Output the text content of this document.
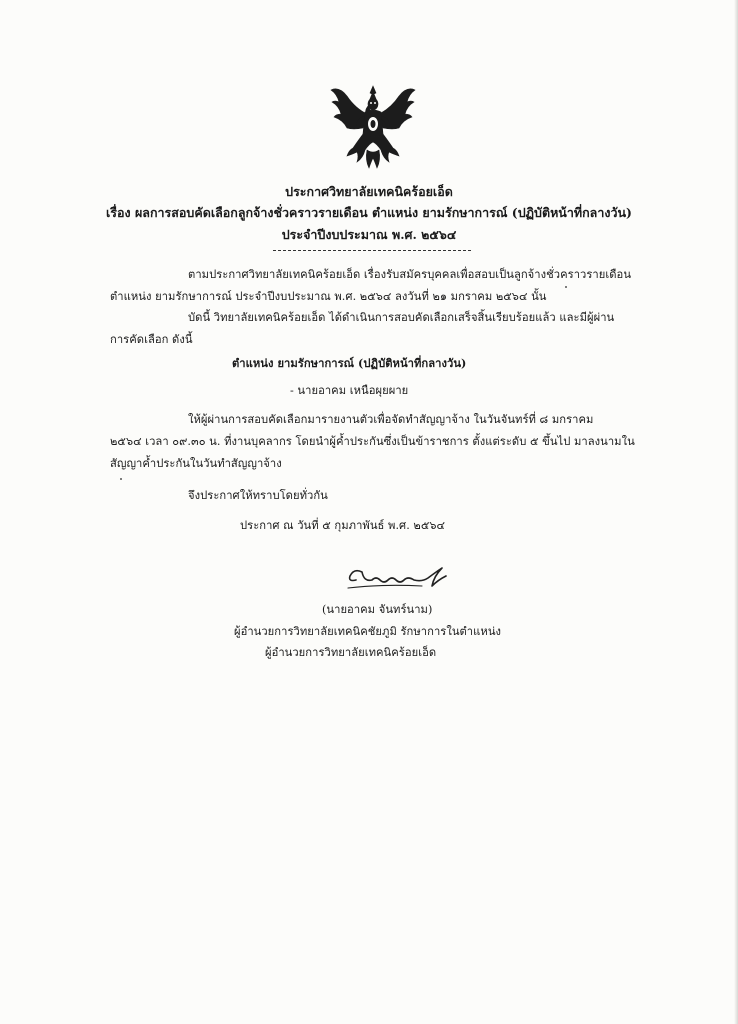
ประกาศวิทยาลัยเทคนิคร้อยเอ็ด
เรื่อง ผลการสอบคัดเลือกลูกจ้างชั่วคราวรายเดือน ตำแหน่ง ยามรักษาการณ์ (ปฏิบัติหน้าที่กลางวัน)
ประจำปีงบประมาณ พ.ศ. ๒๕๖๔
ตามประกาศวิทยาลัยเทคนิคร้อยเอ็ด เรื่องรับสมัครบุคคลเพื่อสอบเป็นลูกจ้างชั่วคราวรายเดือน
ตำแหน่ง ยามรักษาการณ์ ประจำปีงบประมาณ พ.ศ. ๒๕๖๔ ลงวันที่ ๒๑ มกราคม ๒๕๖๔ นั้น
บัดนี้ วิทยาลัยเทคนิคร้อยเอ็ด ได้ดำเนินการสอบคัดเลือกเสร็จสิ้นเรียบร้อยแล้ว และมีผู้ผ่าน
การคัดเลือก ดังนี้
ตำแหน่ง ยามรักษาการณ์ (ปฏิบัติหน้าที่กลางวัน)
- นายอาคม เหนือผุยผาย
ให้ผู้ผ่านการสอบคัดเลือกมารายงานตัวเพื่อจัดทำสัญญาจ้าง ในวันจันทร์ที่ ๘ มกราคม
๒๕๖๔ เวลา ๐๙.๓๐ น. ที่งานบุคลากร โดยนำผู้ค้ำประกันซึ่งเป็นข้าราชการ ตั้งแต่ระดับ ๕ ขึ้นไป มาลงนามใน
สัญญาค้ำประกันในวันทำสัญญาจ้าง
จึงประกาศให้ทราบโดยทั่วกัน
ประกาศ ณ วันที่ ๕ กุมภาพันธ์ พ.ศ. ๒๕๖๔
(นายอาคม จันทร์นาม)
ผู้อำนวยการวิทยาลัยเทคนิคชัยภูมิ รักษาการในตำแหน่ง
ผู้อำนวยการวิทยาลัยเทคนิคร้อยเอ็ด
